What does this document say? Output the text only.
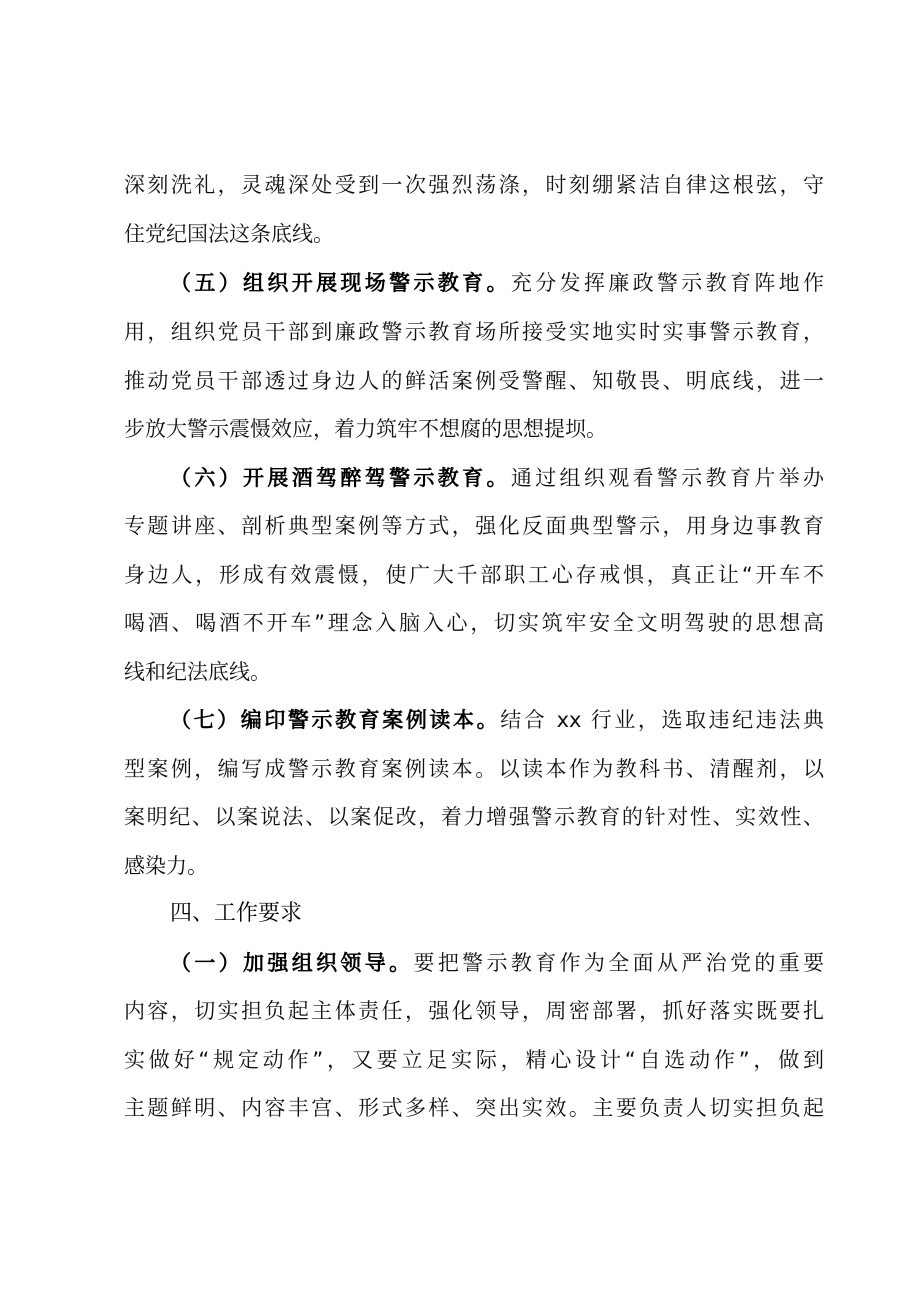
深刻洗礼，灵魂深处受到一次强烈荡涤，时刻绷紧洁自律这根弦，守

住党纪国法这条底线。

（五）组织开展现场警示教育。充分发挥廉政警示教育阵地作

用，组织党员干部到廉政警示教育场所接受实地实时实事警示教育，

推动党员干部透过身边人的鲜活案例受警醒、知敬畏、明底线，进一

步放大警示震慑效应，着力筑牢不想腐的思想提坝。

（六）开展酒驾醉驾警示教育。通过组织观看警示教育片举办

专题讲座、剖析典型案例等方式，强化反面典型警示，用身边事教育

身边人，形成有效震慑，使广大千部职工心存戒惧，真正让“开车不

喝酒、喝酒不开车”理念入脑入心，切实筑牢安全文明驾驶的思想高

线和纪法底线。

（七）编印警示教育案例读本。结合 xx 行业，选取违纪违法典

型案例，编写成警示教育案例读本。以读本作为教科书、清醒剂，以

案明纪、以案说法、以案促改，着力增强警示教育的针对性、实效性、

感染力。

四、工作要求

（一）加强组织领导。要把警示教育作为全面从严治党的重要

内容，切实担负起主体责任，强化领导，周密部署，抓好落实既要扎

实做好“规定动作”，又要立足实际，精心设计“自选动作”，做到

主题鲜明、内容丰宫、形式多样、突出实效。主要负责人切实担负起
